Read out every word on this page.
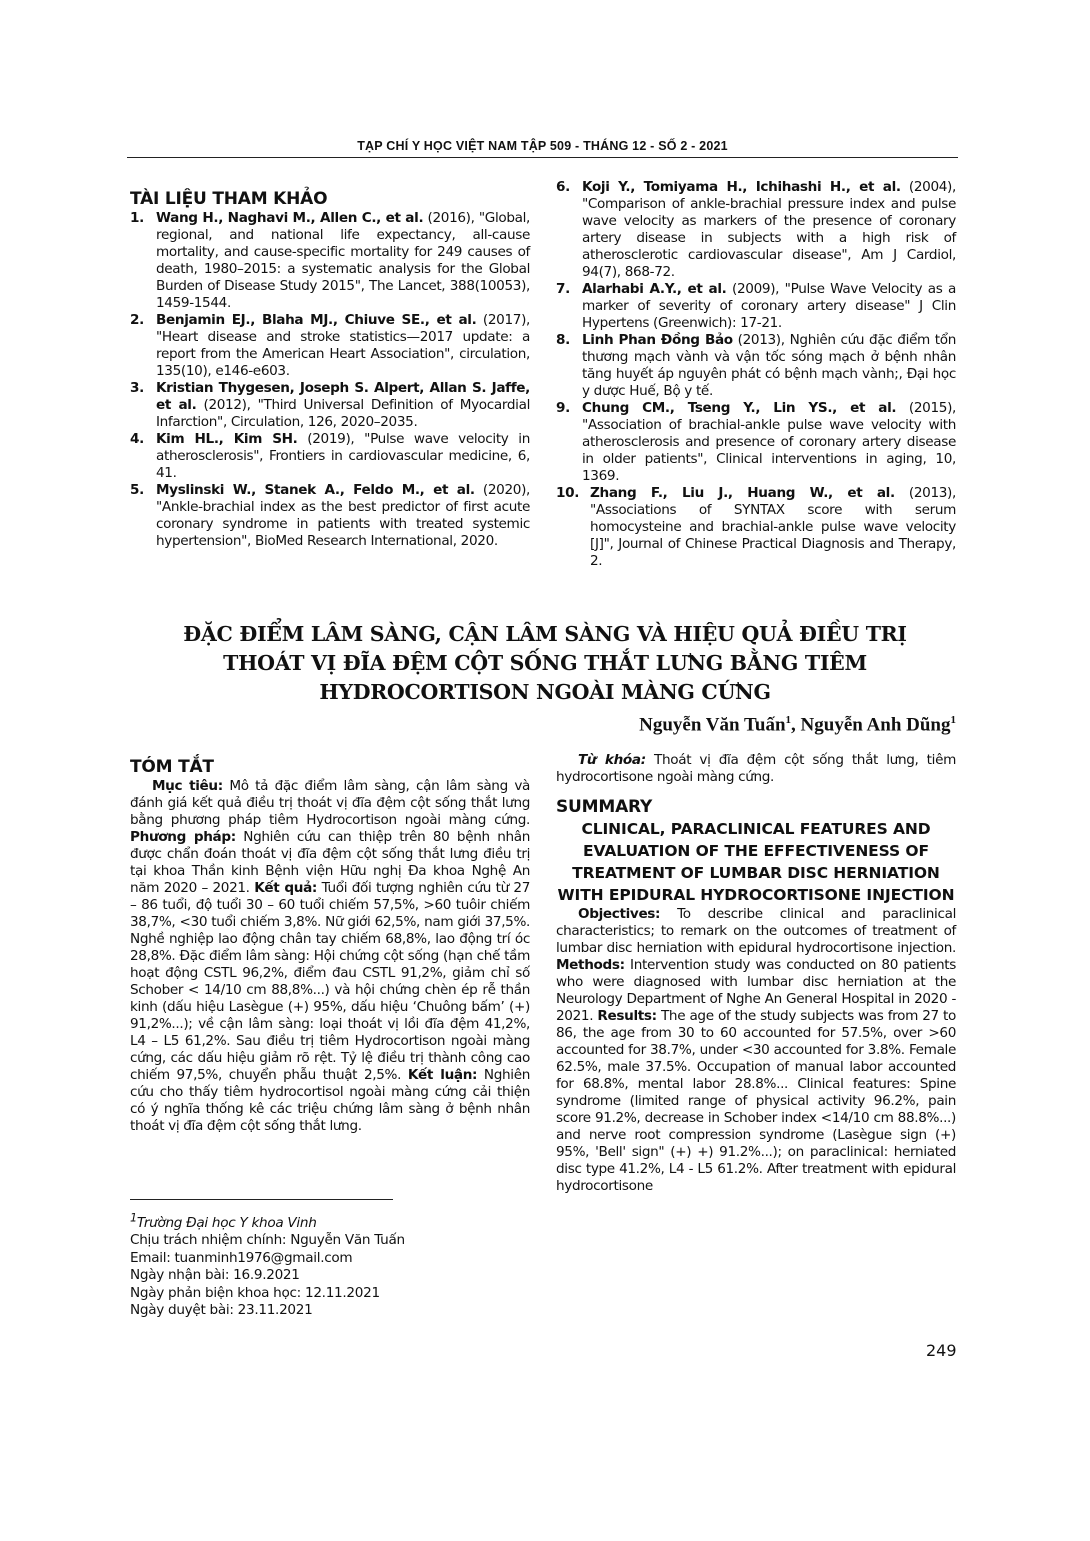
TẠP CHÍ Y HỌC VIỆT NAM TẬP 509 - THÁNG 12 - SỐ 2 - 2021
TÀI LIỆU THAM KHẢO
1. Wang H., Naghavi M., Allen C., et al. (2016), "Global, regional, and national life expectancy, all-cause mortality, and cause-specific mortality for 249 causes of death, 1980–2015: a systematic analysis for the Global Burden of Disease Study 2015", The Lancet, 388(10053), 1459-1544.
2. Benjamin EJ., Blaha MJ., Chiuve SE., et al. (2017), "Heart disease and stroke statistics—2017 update: a report from the American Heart Association", circulation, 135(10), e146-e603.
3. Kristian Thygesen, Joseph S. Alpert, Allan S. Jaffe, et al. (2012), "Third Universal Definition of Myocardial Infarction", Circulation, 126, 2020–2035.
4. Kim HL., Kim SH. (2019), "Pulse wave velocity in atherosclerosis", Frontiers in cardiovascular medicine, 6, 41.
5. Myslinski W., Stanek A., Feldo M., et al. (2020), "Ankle-brachial index as the best predictor of first acute coronary syndrome in patients with treated systemic hypertension", BioMed Research International, 2020.
6. Koji Y., Tomiyama H., Ichihashi H., et al. (2004), "Comparison of ankle-brachial pressure index and pulse wave velocity as markers of the presence of coronary artery disease in subjects with a high risk of atherosclerotic cardiovascular disease", Am J Cardiol, 94(7), 868-72.
7. Alarhabi A.Y., et al. (2009), "Pulse Wave Velocity as a marker of severity of coronary artery disease" J Clin Hypertens (Greenwich): 17-21.
8. Linh Phan Đồng Bảo (2013), Nghiên cứu đặc điểm tổn thương mạch vành và vận tốc sóng mạch ở bệnh nhân tăng huyết áp nguyên phát có bệnh mạch vành;, Đại học y dược Huế, Bộ y tế.
9. Chung CM., Tseng Y., Lin YS., et al. (2015), "Association of brachial-ankle pulse wave velocity with atherosclerosis and presence of coronary artery disease in older patients", Clinical interventions in aging, 10, 1369.
10. Zhang F., Liu J., Huang W., et al. (2013), "Associations of SYNTAX score with serum homocysteine and brachial-ankle pulse wave velocity [J]", Journal of Chinese Practical Diagnosis and Therapy, 2.
ĐẶC ĐIỂM LÂM SÀNG, CẬN LÂM SÀNG VÀ HIỆU QUẢ ĐIỀU TRỊ THOÁT VỊ ĐĨA ĐỆM CỘT SỐNG THẮT LƯNG BẰNG TIÊM HYDROCORTISON NGOÀI MÀNG CỨNG
Nguyễn Văn Tuấn$^1$, Nguyễn Anh Dũng$^1$
TÓM TẮT
Mục tiêu: Mô tả đặc điểm lâm sàng, cận lâm sàng và đánh giá kết quả điều trị thoát vị đĩa đệm cột sống thắt lưng bằng phương pháp tiêm Hydrocortison ngoài màng cứng. Phương pháp: Nghiên cứu can thiệp trên 80 bệnh nhân được chẩn đoán thoát vị đĩa đệm cột sống thắt lưng điều trị tại khoa Thần kinh Bệnh viện Hữu nghị Đa khoa Nghệ An năm 2020 – 2021. Kết quả: Tuổi đối tượng nghiên cứu từ 27 – 86 tuổi, độ tuổi 30 – 60 tuổi chiếm 57,5%, >60 tuôir chiếm 38,7%, <30 tuổi chiếm 3,8%. Nữ giới 62,5%, nam giới 37,5%. Nghề nghiệp lao động chân tay chiếm 68,8%, lao động trí óc 28,8%. Đặc điểm lâm sàng: Hội chứng cột sống (hạn chế tầm hoạt động CSTL 96,2%, điểm đau CSTL 91,2%, giảm chỉ số Schober < 14/10 cm 88,8%...) và hội chứng chèn ép rễ thần kinh (dấu hiệu Lasègue (+) 95%, dấu hiệu ‘Chuông bấm’ (+) 91,2%...); về cận lâm sàng: loại thoát vị lồi đĩa đệm 41,2%, L4 – L5 61,2%. Sau điều trị tiêm Hydrocortison ngoài màng cứng, các dấu hiệu giảm rõ rệt. Tỷ lệ điều trị thành công cao chiếm 97,5%, chuyển phẫu thuật 2,5%. Kết luận: Nghiên cứu cho thấy tiêm hydrocortisol ngoài màng cứng cải thiện có ý nghĩa thống kê các triệu chứng lâm sàng ở bệnh nhân thoát vị đĩa đệm cột sống thắt lưng.
Từ khóa: Thoát vị đĩa đệm cột sống thắt lưng, tiêm hydrocortisone ngoài màng cứng.
SUMMARY
CLINICAL, PARACLINICAL FEATURES AND EVALUATION OF THE EFFECTIVENESS OF TREATMENT OF LUMBAR DISC HERNIATION WITH EPIDURAL HYDROCORTISONE INJECTION
Objectives: To describe clinical and paraclinical characteristics; to remark on the outcomes of treatment of lumbar disc herniation with epidural hydrocortisone injection. Methods: Intervention study was conducted on 80 patients who were diagnosed with lumbar disc herniation at the Neurology Department of Nghe An General Hospital in 2020 - 2021. Results: The age of the study subjects was from 27 to 86, the age from 30 to 60 accounted for 57.5%, over >60 accounted for 38.7%, under <30 accounted for 3.8%. Female 62.5%, male 37.5%. Occupation of manual labor accounted for 68.8%, mental labor 28.8%... Clinical features: Spine syndrome (limited range of physical activity 96.2%, pain score 91.2%, decrease in Schober index <14/10 cm 88.8%...) and nerve root compression syndrome (Lasègue sign (+) 95%, 'Bell' sign" (+) +) 91.2%...); on paraclinical: herniated disc type 41.2%, L4 - L5 61.2%. After treatment with epidural hydrocortisone
$^1$Trường Đại học Y khoa Vinh
Chịu trách nhiệm chính: Nguyễn Văn Tuấn
Email: tuanminh1976@gmail.com
Ngày nhận bài: 16.9.2021
Ngày phản biện khoa học: 12.11.2021
Ngày duyệt bài: 23.11.2021
249
